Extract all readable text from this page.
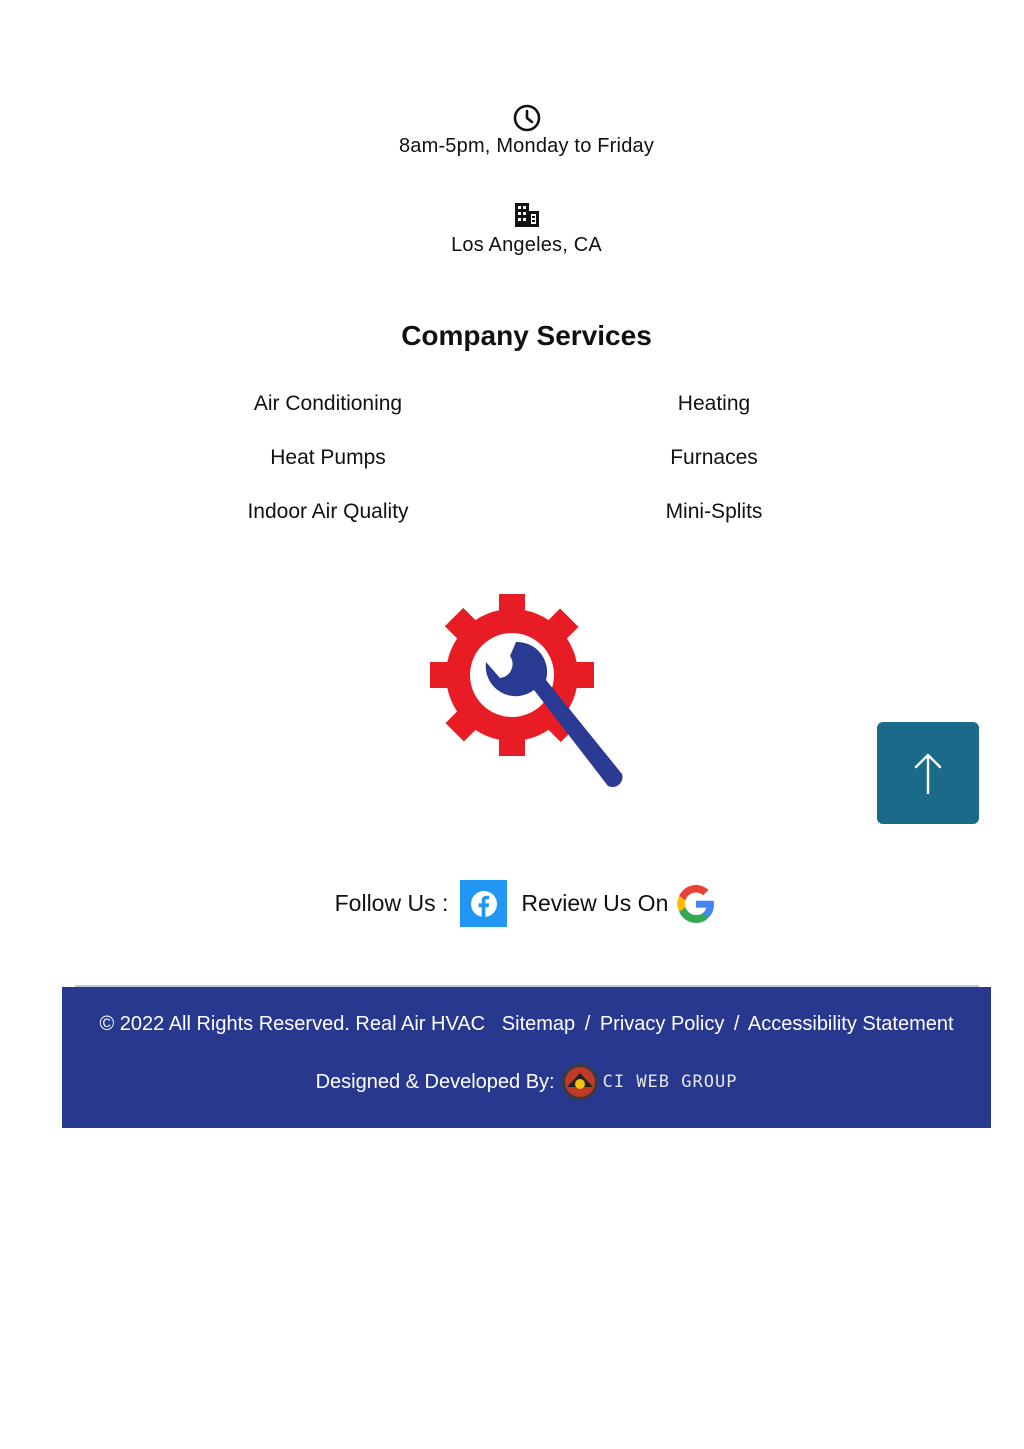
8am-5pm, Monday to Friday
Los Angeles, CA
Company Services
Air Conditioning
Heat Pumps
Indoor Air Quality
Heating
Furnaces
Mini-Splits
Follow Us :	Review Us On
© 2022 All Rights Reserved. Real Air HVAC Sitemap / Privacy Policy / Accessibility Statement
Designed & Developed By:	CI WEB GROUP
